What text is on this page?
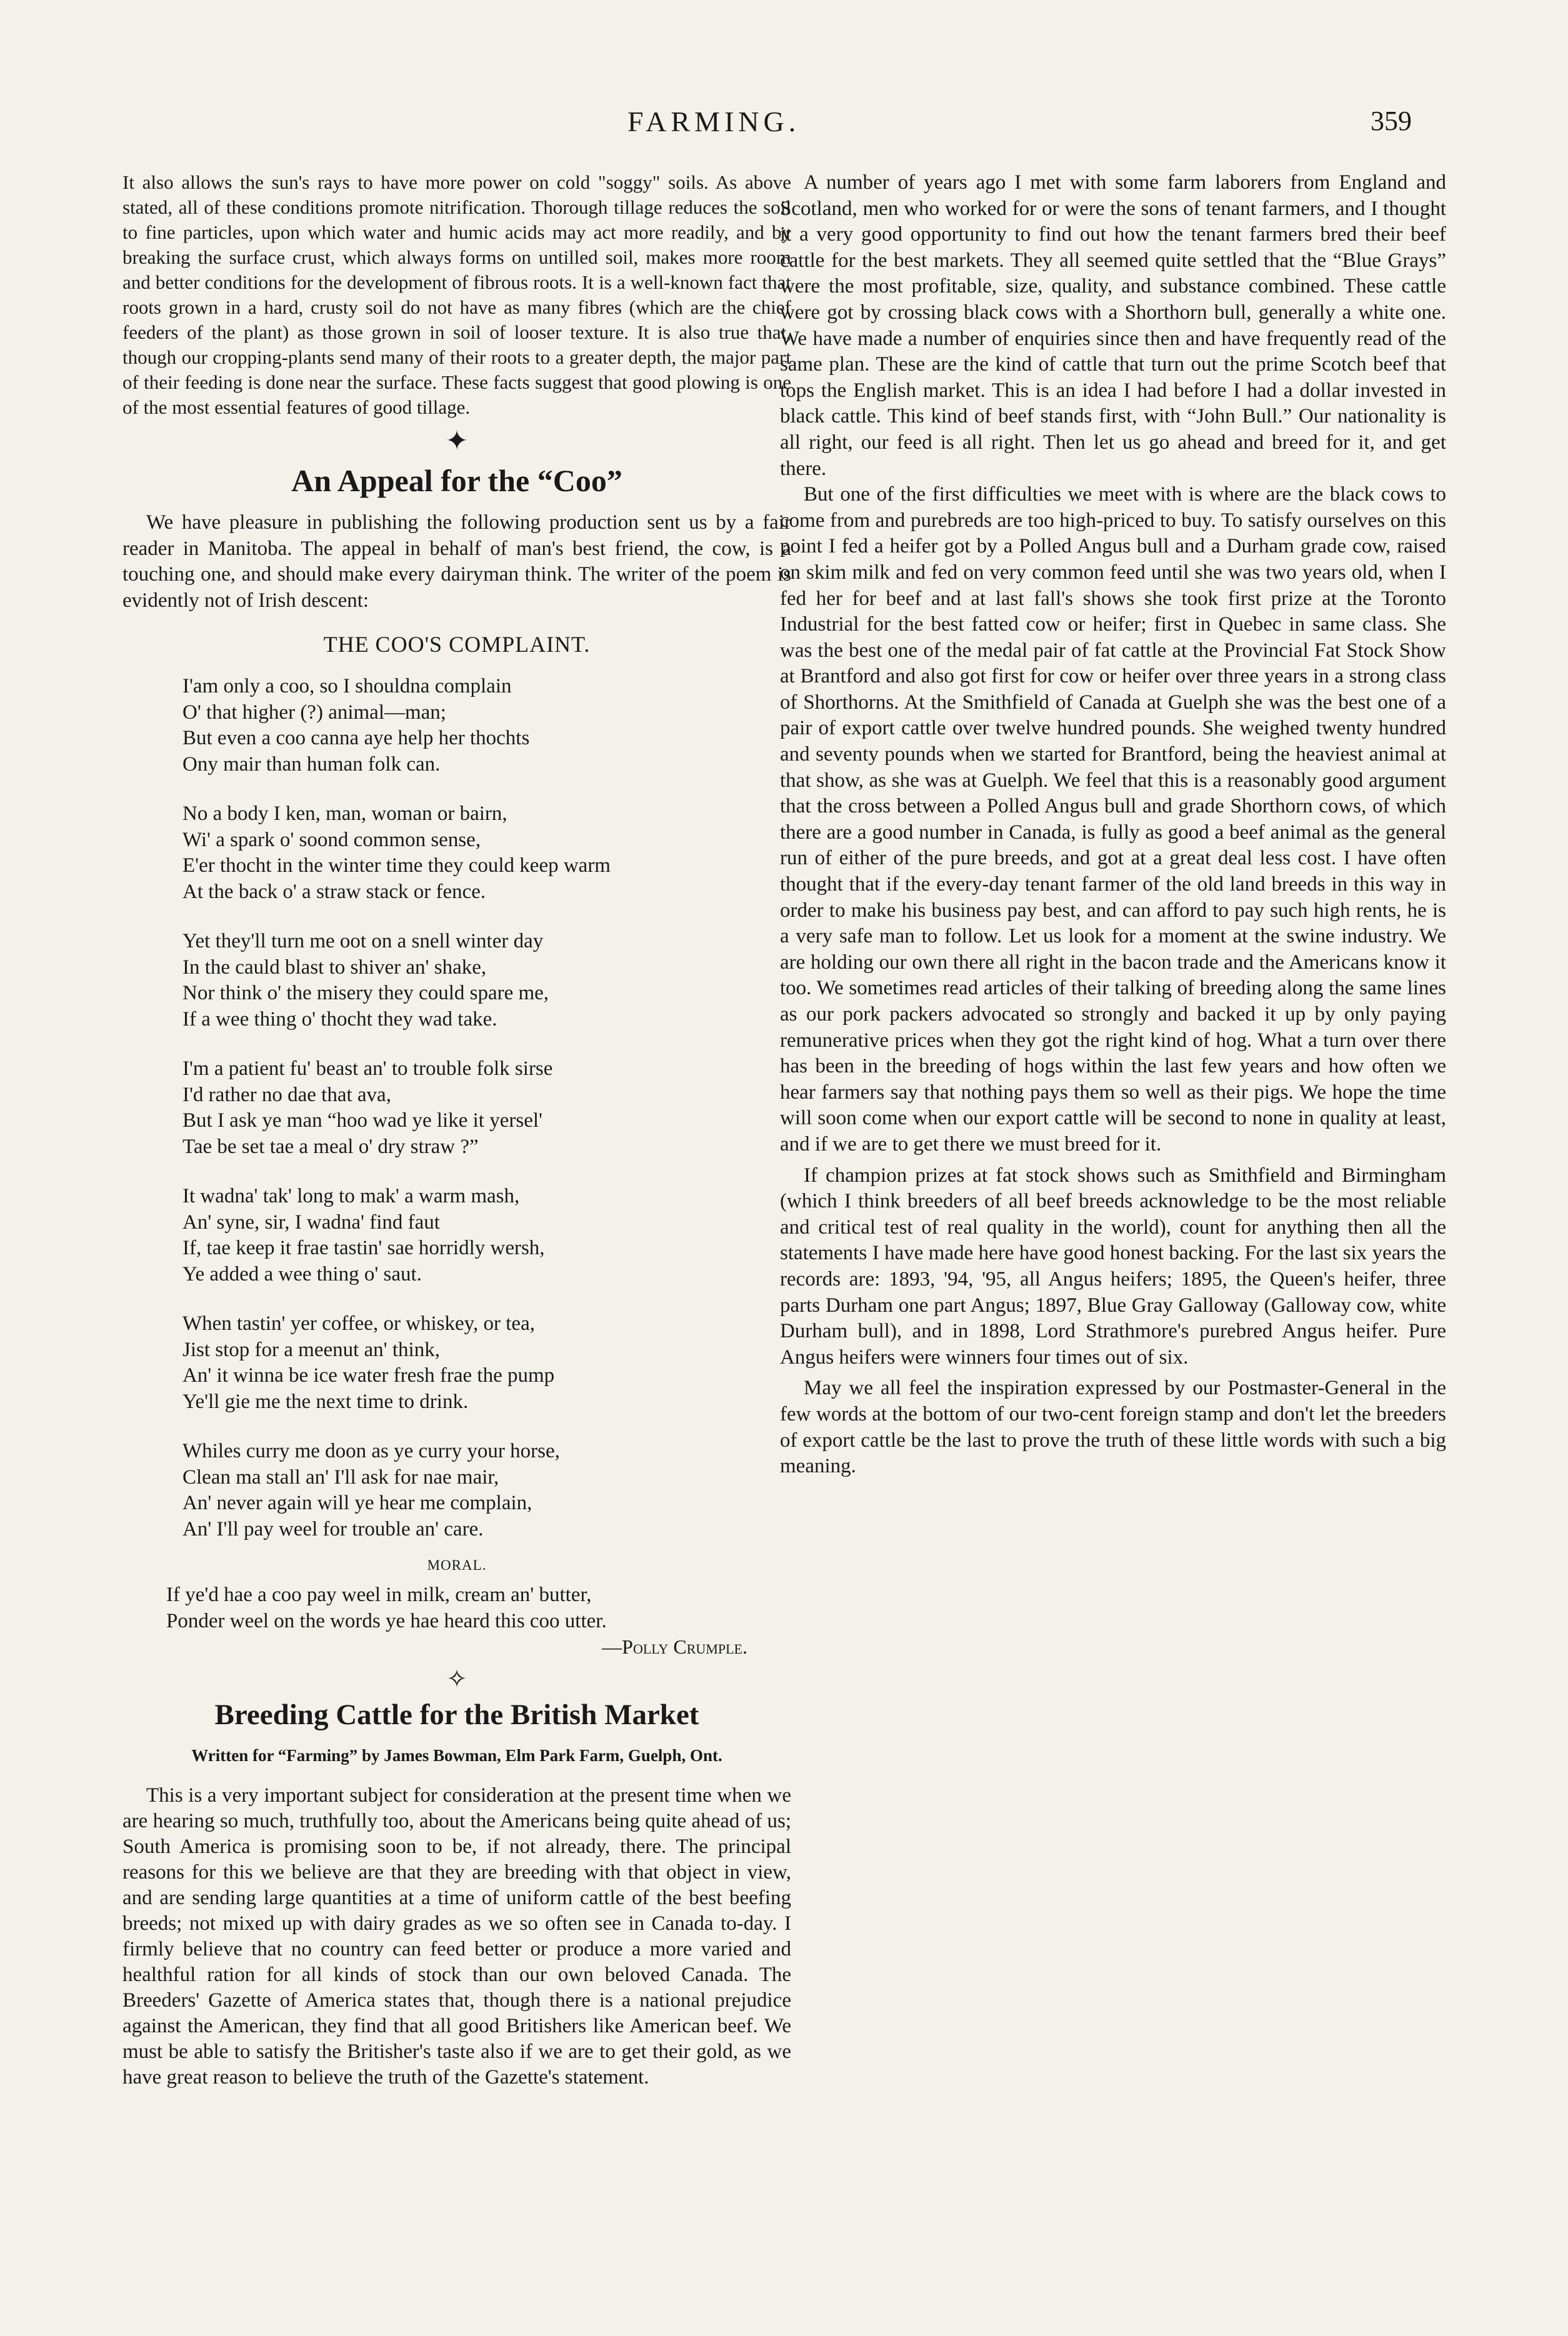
FARMING.	359

It also allows the sun's rays to have more power on cold "soggy" soils. As above stated, all of these conditions promote nitrification. Thorough tillage reduces the soil to fine particles, upon which water and humic acids may act more readily, and by breaking the surface crust, which always forms on untilled soil, makes more room and better conditions for the development of fibrous roots. It is a well-known fact that roots grown in a hard, crusty soil do not have as many fibres (which are the chief feeders of the plant) as those grown in soil of looser texture. It is also true that, though our cropping-plants send many of their roots to a greater depth, the major part of their feeding is done near the surface. These facts suggest that good plowing is one of the most essential features of good tillage.

✦
An Appeal for the “Coo”

We have pleasure in publishing the following production sent us by a fair reader in Manitoba. The appeal in behalf of man's best friend, the cow, is a touching one, and should make every dairyman think. The writer of the poem is evidently not of Irish descent:

THE COO'S COMPLAINT.
I'am only a coo, so I shouldna complain
O' that higher (?) animal—man;
But even a coo canna aye help her thochts
Ony mair than human folk can.
No a body I ken, man, woman or bairn,
Wi' a spark o' soond common sense,
E'er thocht in the winter time they could keep warm
At the back o' a straw stack or fence.
Yet they'll turn me oot on a snell winter day
In the cauld blast to shiver an' shake,
Nor think o' the misery they could spare me,
If a wee thing o' thocht they wad take.
I'm a patient fu' beast an' to trouble folk sirse
I'd rather no dae that ava,
But I ask ye man “hoo wad ye like it yersel'
Tae be set tae a meal o' dry straw ?”
It wadna' tak' long to mak' a warm mash,
An' syne, sir, I wadna' find faut
If, tae keep it frae tastin' sae horridly wersh,
Ye added a wee thing o' saut.
When tastin' yer coffee, or whiskey, or tea,
Jist stop for a meenut an' think,
An' it winna be ice water fresh frae the pump
Ye'll gie me the next time to drink.
Whiles curry me doon as ye curry your horse,
Clean ma stall an' I'll ask for nae mair,
An' never again will ye hear me complain,
An' I'll pay weel for trouble an' care.
MORAL.
If ye'd hae a coo pay weel in milk, cream an' butter,
Ponder weel on the words ye hae heard this coo utter.
—Polly Crumple.
✧
Breeding Cattle for the British Market
Written for “Farming” by James Bowman, Elm Park Farm, Guelph, Ont.

This is a very important subject for consideration at the present time when we are hearing so much, truthfully too, about the Americans being quite ahead of us; South America is promising soon to be, if not already, there. The principal reasons for this we believe are that they are breeding with that object in view, and are sending large quantities at a time of uniform cattle of the best beefing breeds; not mixed up with dairy grades as we so often see in Canada to-day. I firmly believe that no country can feed better or produce a more varied and healthful ration for all kinds of stock than our own beloved Canada. The Breeders' Gazette of America states that, though there is a national prejudice against the American, they find that all good Britishers like American beef. We must be able to satisfy the Britisher's taste also if we are to get their gold, as we have great reason to believe the truth of the Gazette's statement.

A number of years ago I met with some farm laborers from England and Scotland, men who worked for or were the sons of tenant farmers, and I thought it a very good opportunity to find out how the tenant farmers bred their beef cattle for the best markets. They all seemed quite settled that the “Blue Grays” were the most profitable, size, quality, and substance combined. These cattle were got by crossing black cows with a Shorthorn bull, generally a white one. We have made a number of enquiries since then and have frequently read of the same plan. These are the kind of cattle that turn out the prime Scotch beef that tops the English market. This is an idea I had before I had a dollar invested in black cattle. This kind of beef stands first, with “John Bull.” Our nationality is all right, our feed is all right. Then let us go ahead and breed for it, and get there.

But one of the first difficulties we meet with is where are the black cows to come from and purebreds are too high-priced to buy. To satisfy ourselves on this point I fed a heifer got by a Polled Angus bull and a Durham grade cow, raised on skim milk and fed on very common feed until she was two years old, when I fed her for beef and at last fall's shows she took first prize at the Toronto Industrial for the best fatted cow or heifer; first in Quebec in same class. She was the best one of the medal pair of fat cattle at the Provincial Fat Stock Show at Brantford and also got first for cow or heifer over three years in a strong class of Shorthorns. At the Smithfield of Canada at Guelph she was the best one of a pair of export cattle over twelve hundred pounds. She weighed twenty hundred and seventy pounds when we started for Brantford, being the heaviest animal at that show, as she was at Guelph. We feel that this is a reasonably good argument that the cross between a Polled Angus bull and grade Shorthorn cows, of which there are a good number in Canada, is fully as good a beef animal as the general run of either of the pure breeds, and got at a great deal less cost. I have often thought that if the every-day tenant farmer of the old land breeds in this way in order to make his business pay best, and can afford to pay such high rents, he is a very safe man to follow. Let us look for a moment at the swine industry. We are holding our own there all right in the bacon trade and the Americans know it too. We sometimes read articles of their talking of breeding along the same lines as our pork packers advocated so strongly and backed it up by only paying remunerative prices when they got the right kind of hog. What a turn over there has been in the breeding of hogs within the last few years and how often we hear farmers say that nothing pays them so well as their pigs. We hope the time will soon come when our export cattle will be second to none in quality at least, and if we are to get there we must breed for it.

If champion prizes at fat stock shows such as Smithfield and Birmingham (which I think breeders of all beef breeds acknowledge to be the most reliable and critical test of real quality in the world), count for anything then all the statements I have made here have good honest backing. For the last six years the records are: 1893, '94, '95, all Angus heifers; 1895, the Queen's heifer, three parts Durham one part Angus; 1897, Blue Gray Galloway (Galloway cow, white Durham bull), and in 1898, Lord Strathmore's purebred Angus heifer. Pure Angus heifers were winners four times out of six.

May we all feel the inspiration expressed by our Postmaster-General in the few words at the bottom of our two-cent foreign stamp and don't let the breeders of export cattle be the last to prove the truth of these little words with such a big meaning.
